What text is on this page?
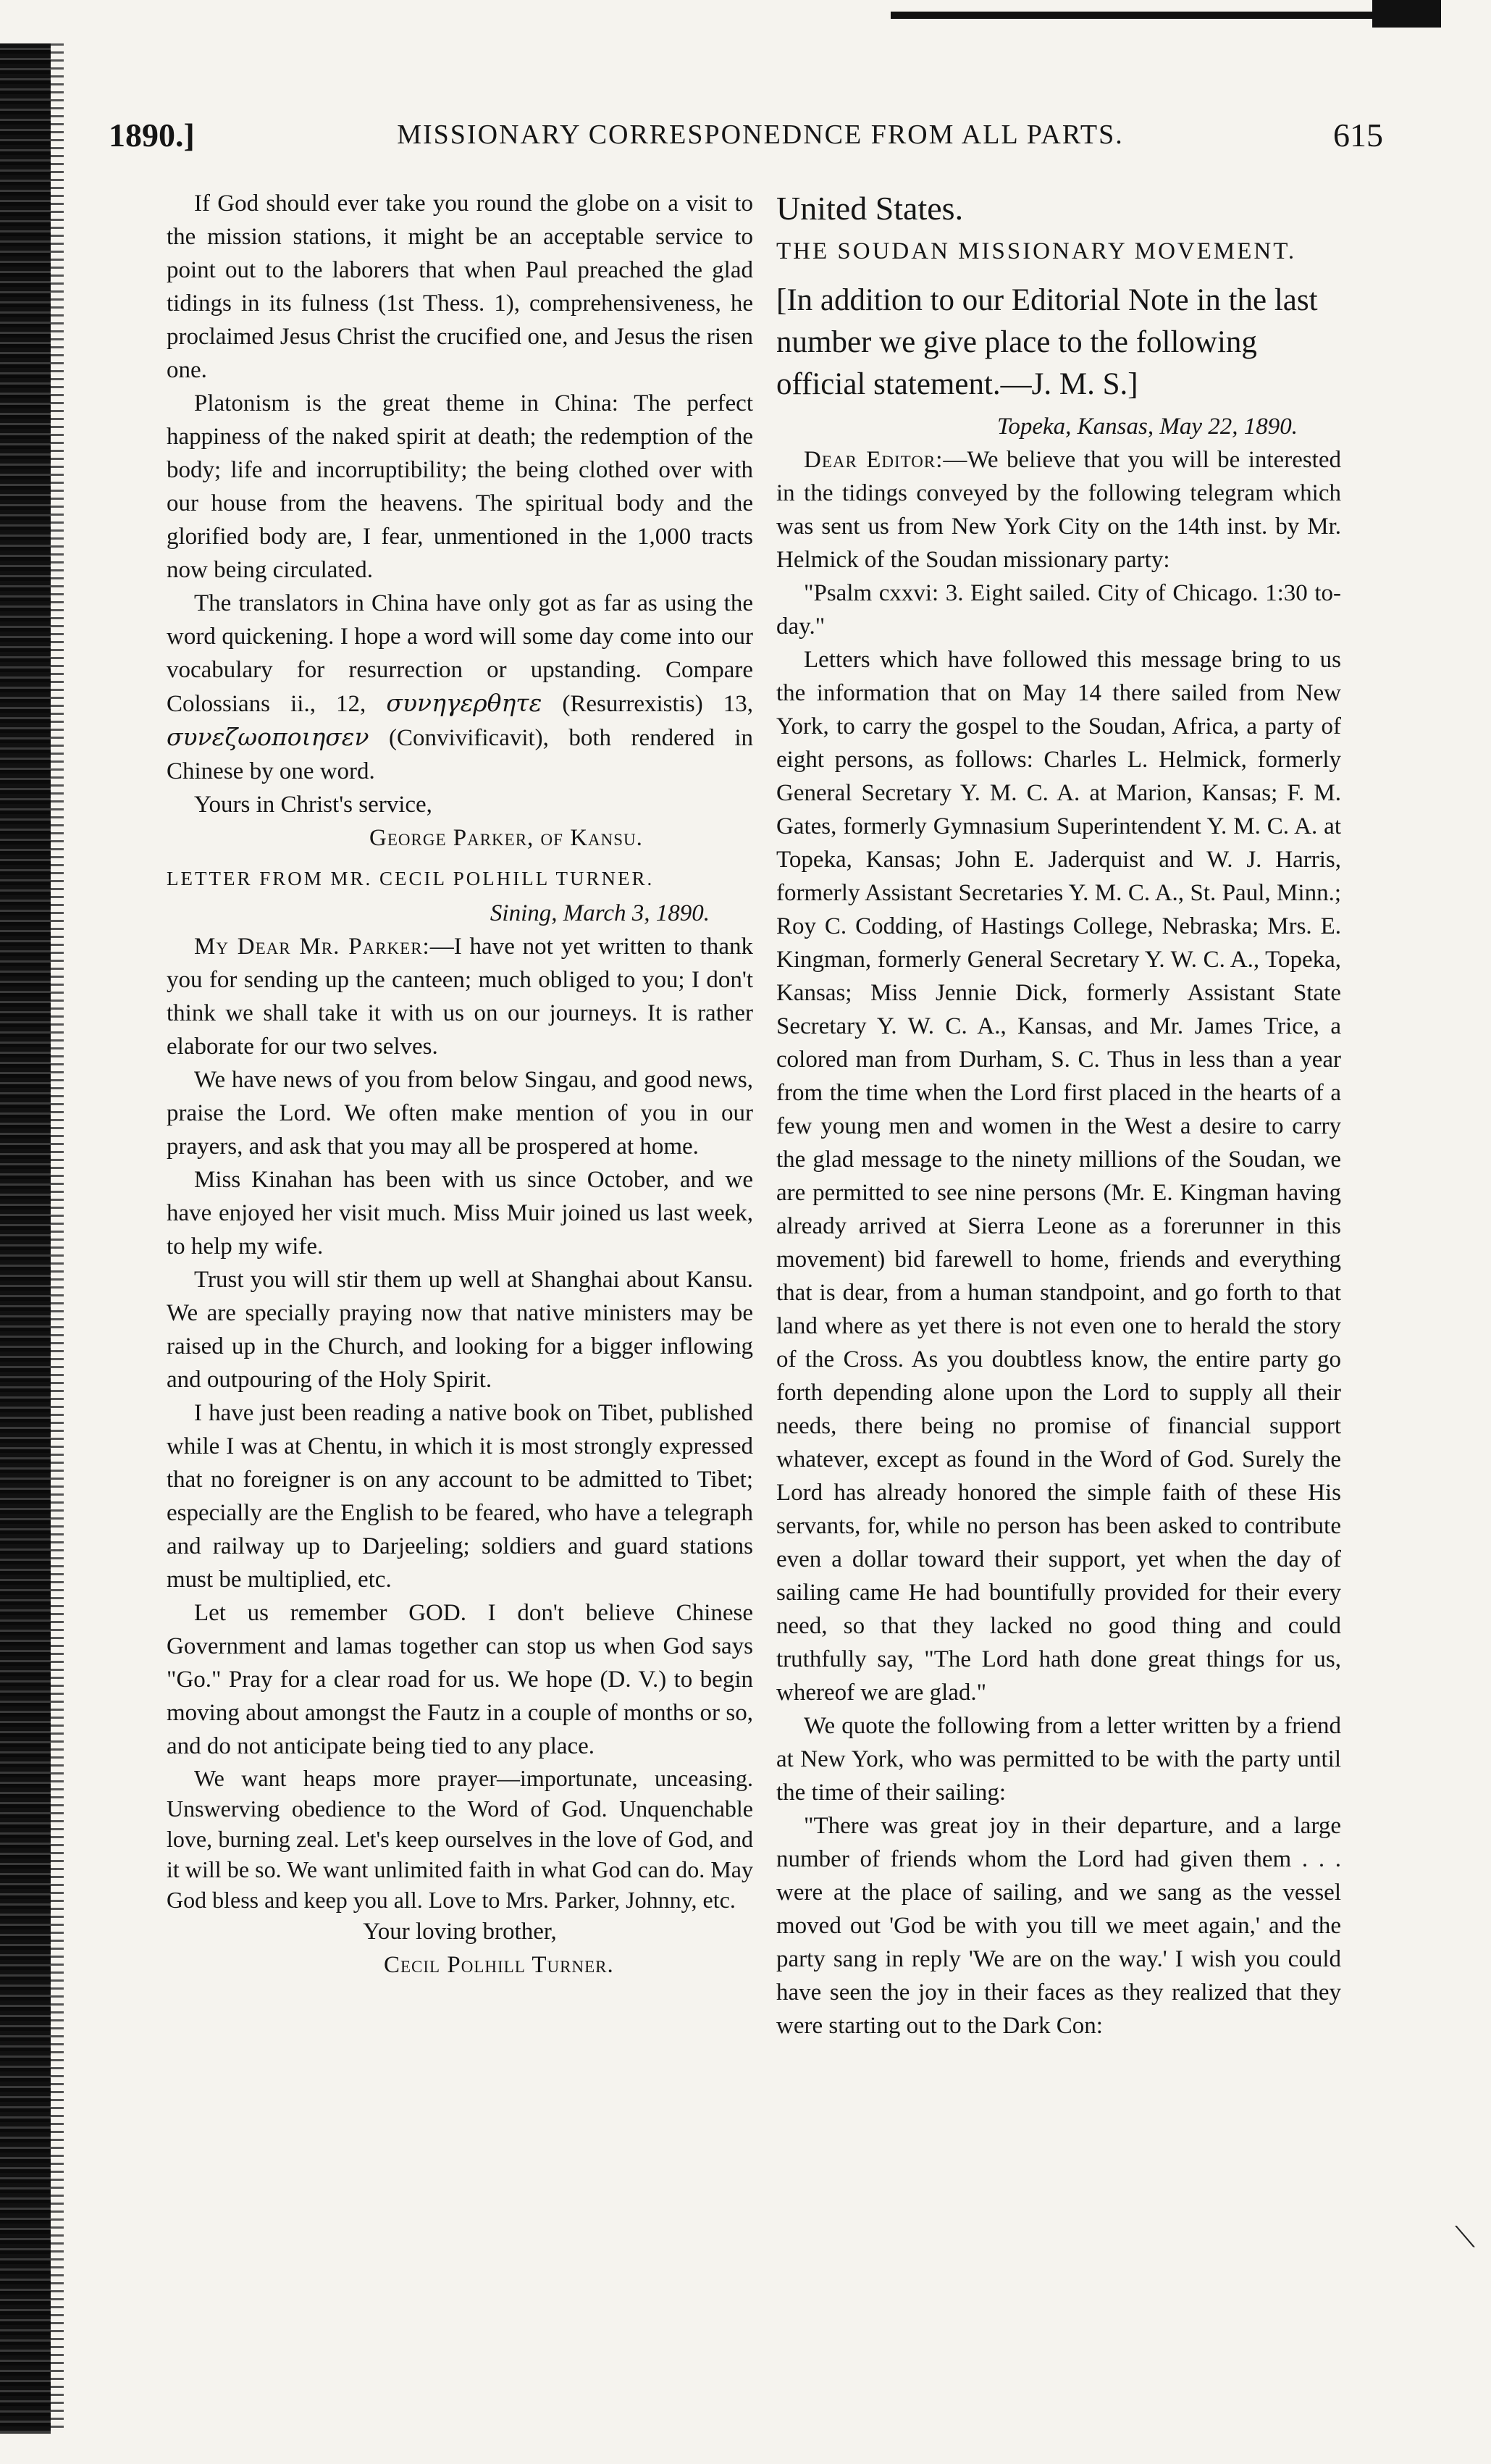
1890.]	MISSIONARY CORRESPONEDNCE FROM ALL PARTS.	615

If God should ever take you round the globe on a visit to the mission stations, it might be an acceptable service to point out to the laborers that when Paul preached the glad tidings in its fulness (1st Thess. 1), comprehensiveness, he proclaimed Jesus Christ the crucified one, and Jesus the risen one.

Platonism is the great theme in China: The perfect happiness of the naked spirit at death; the redemption of the body; life and incorruptibility; the being clothed over with our house from the heavens. The spiritual body and the glorified body are, I fear, unmentioned in the 1,000 tracts now being circulated.

The translators in China have only got as far as using the word quickening. I hope a word will some day come into our vocabulary for resurrection or upstanding. Compare Colossians ii., 12, συνηγερθητε (Resurrexistis) 13, συνεζωοποιησεν (Convivificavit), both rendered in Chinese by one word.

Yours in Christ's service,

George Parker, of Kansu.

LETTER FROM MR. CECIL POLHILL TURNER.

Sining, March 3, 1890.

My Dear Mr. Parker:—I have not yet written to thank you for sending up the canteen; much obliged to you; I don't think we shall take it with us on our journeys. It is rather elaborate for our two selves.

We have news of you from below Singau, and good news, praise the Lord. We often make mention of you in our prayers, and ask that you may all be prospered at home.

Miss Kinahan has been with us since October, and we have enjoyed her visit much. Miss Muir joined us last week, to help my wife.

Trust you will stir them up well at Shanghai about Kansu. We are specially praying now that native ministers may be raised up in the Church, and looking for a bigger inflowing and outpouring of the Holy Spirit.

I have just been reading a native book on Tibet, published while I was at Chentu, in which it is most strongly expressed that no foreigner is on any account to be admitted to Tibet; especially are the English to be feared, who have a telegraph and railway up to Darjeeling; soldiers and guard stations must be multiplied, etc.

Let us remember GOD. I don't believe Chinese Government and lamas together can stop us when God says "Go." Pray for a clear road for us. We hope (D. V.) to begin moving about amongst the Fautz in a couple of months or so, and do not anticipate being tied to any place.

We want heaps more prayer—importunate, unceasing. Unswerving obedience to the Word of God. Unquenchable love, burning zeal. Let's keep ourselves in the love of God, and it will be so. We want unlimited faith in what God can do. May God bless and keep you all. Love to Mrs. Parker, Johnny, etc.

Your loving brother,

Cecil Polhill Turner.

United States.

THE SOUDAN MISSIONARY MOVEMENT.

[In addition to our Editorial Note in the last number we give place to the following official statement.—J. M. S.]

Topeka, Kansas, May 22, 1890.

Dear Editor:—We believe that you will be interested in the tidings conveyed by the following telegram which was sent us from New York City on the 14th inst. by Mr. Helmick of the Soudan missionary party:

"Psalm cxxvi: 3. Eight sailed. City of Chicago. 1:30 to-day."

Letters which have followed this message bring to us the information that on May 14 there sailed from New York, to carry the gospel to the Soudan, Africa, a party of eight persons, as follows: Charles L. Helmick, formerly General Secretary Y. M. C. A. at Marion, Kansas; F. M. Gates, formerly Gymnasium Superintendent Y. M. C. A. at Topeka, Kansas; John E. Jaderquist and W. J. Harris, formerly Assistant Secretaries Y. M. C. A., St. Paul, Minn.; Roy C. Codding, of Hastings College, Nebraska; Mrs. E. Kingman, formerly General Secretary Y. W. C. A., Topeka, Kansas; Miss Jennie Dick, formerly Assistant State Secretary Y. W. C. A., Kansas, and Mr. James Trice, a colored man from Durham, S. C. Thus in less than a year from the time when the Lord first placed in the hearts of a few young men and women in the West a desire to carry the glad message to the ninety millions of the Soudan, we are permitted to see nine persons (Mr. E. Kingman having already arrived at Sierra Leone as a forerunner in this movement) bid farewell to home, friends and everything that is dear, from a human standpoint, and go forth to that land where as yet there is not even one to herald the story of the Cross. As you doubtless know, the entire party go forth depending alone upon the Lord to supply all their needs, there being no promise of financial support whatever, except as found in the Word of God. Surely the Lord has already honored the simple faith of these His servants, for, while no person has been asked to contribute even a dollar toward their support, yet when the day of sailing came He had bountifully provided for their every need, so that they lacked no good thing and could truthfully say, "The Lord hath done great things for us, whereof we are glad."

We quote the following from a letter written by a friend at New York, who was permitted to be with the party until the time of their sailing:

"There was great joy in their departure, and a large number of friends whom the Lord had given them . . . were at the place of sailing, and we sang as the vessel moved out 'God be with you till we meet again,' and the party sang in reply 'We are on the way.' I wish you could have seen the joy in their faces as they realized that they were starting out to the Dark Con:

⟍
